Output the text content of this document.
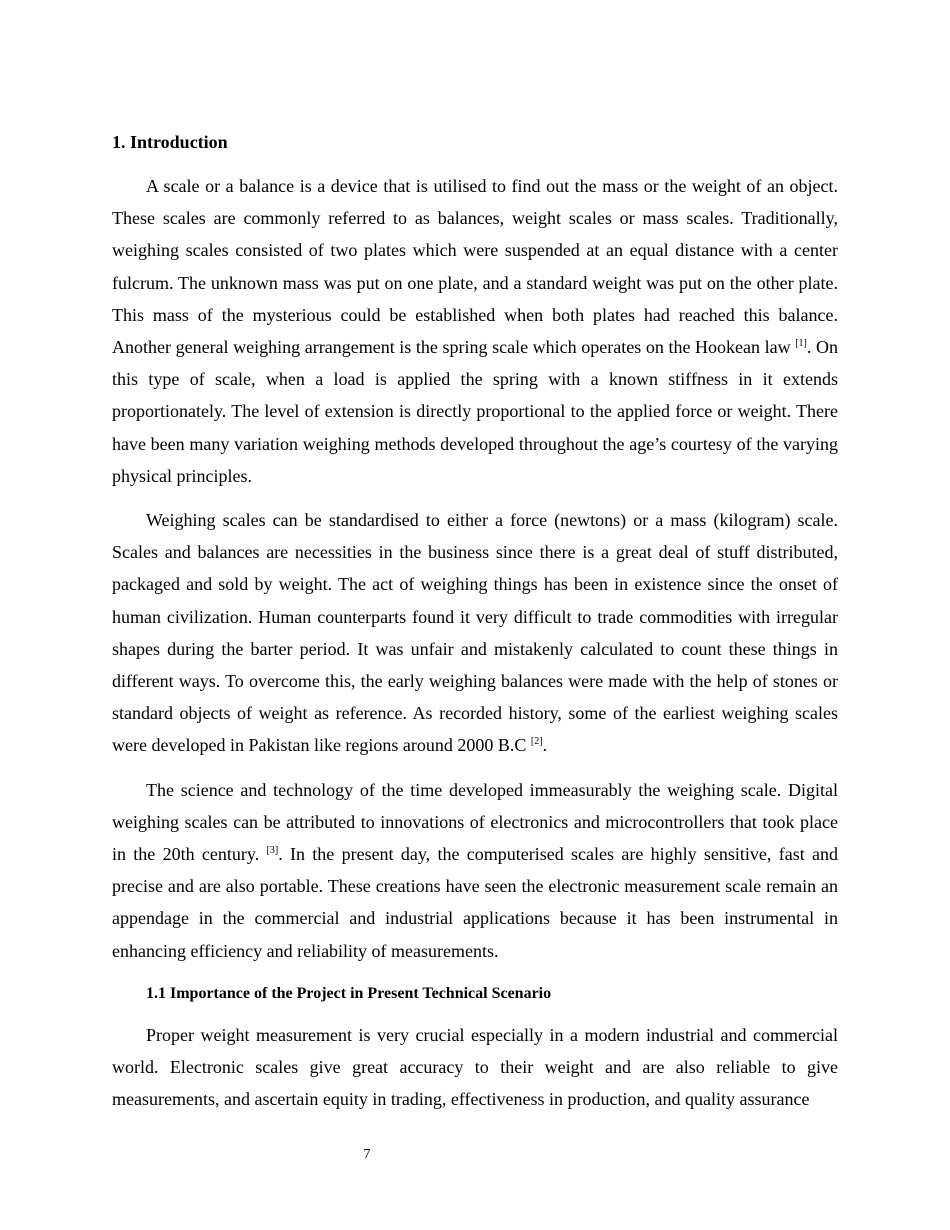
1. Introduction

A scale or a balance is a device that is utilised to find out the mass or the weight of an object. These scales are commonly referred to as balances, weight scales or mass scales. Traditionally, weighing scales consisted of two plates which were suspended at an equal distance with a center fulcrum. The unknown mass was put on one plate, and a standard weight was put on the other plate. This mass of the mysterious could be established when both plates had reached this balance. Another general weighing arrangement is the spring scale which operates on the Hookean law [1]. On this type of scale, when a load is applied the spring with a known stiffness in it extends proportionately. The level of extension is directly proportional to the applied force or weight. There have been many variation weighing methods developed throughout the age’s courtesy of the varying physical principles.

Weighing scales can be standardised to either a force (newtons) or a mass (kilogram) scale. Scales and balances are necessities in the business since there is a great deal of stuff distributed, packaged and sold by weight. The act of weighing things has been in existence since the onset of human civilization. Human counterparts found it very difficult to trade commodities with irregular shapes during the barter period. It was unfair and mistakenly calculated to count these things in different ways. To overcome this, the early weighing balances were made with the help of stones or standard objects of weight as reference. As recorded history, some of the earliest weighing scales were developed in Pakistan like regions around 2000 B.C [2].

The science and technology of the time developed immeasurably the weighing scale. Digital weighing scales can be attributed to innovations of electronics and microcontrollers that took place in the 20th century. [3]. In the present day, the computerised scales are highly sensitive, fast and precise and are also portable. These creations have seen the electronic measurement scale remain an appendage in the commercial and industrial applications because it has been instrumental in enhancing efficiency and reliability of measurements.

1.1 Importance of the Project in Present Technical Scenario

Proper weight measurement is very crucial especially in a modern industrial and commercial world. Electronic scales give great accuracy to their weight and are also reliable to give measurements, and ascertain equity in trading, effectiveness in production, and quality assurance

7
